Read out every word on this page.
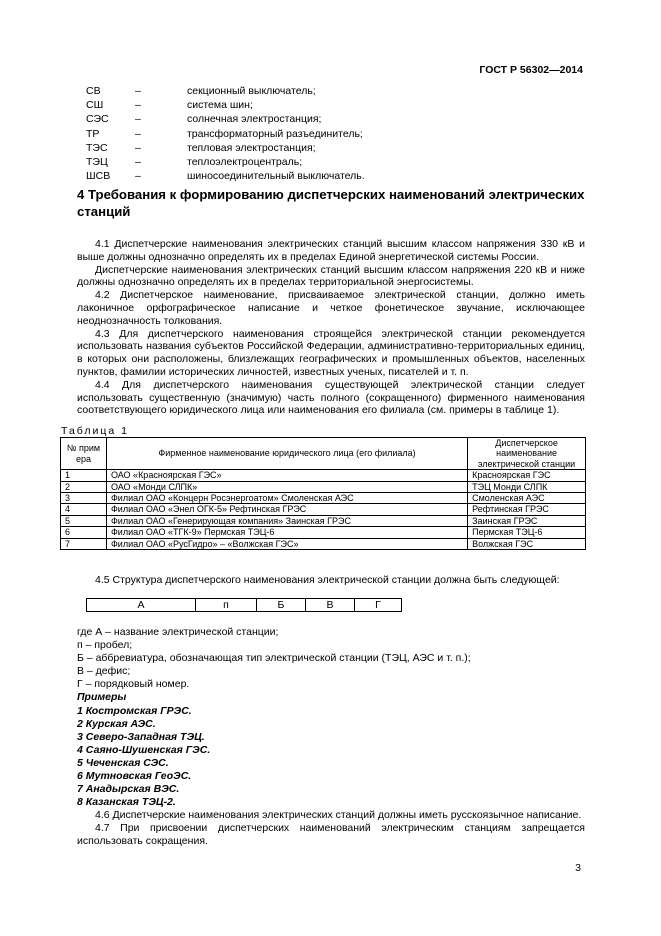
ГОСТ Р 56302—2014
СВ	–	секционный выключатель;
СШ	–	система шин;
СЭС	–	солнечная электростанция;
ТР	–	трансформаторный разъединитель;
ТЭС	–	тепловая электростанция;
ТЭЦ	–	теплоэлектроцентраль;
ШСВ –	шиносоединительный выключатель.
4 Требования к формированию диспетчерских наименований электрических станций

4.1 Диспетчерские наименования электрических станций высшим классом напряжения 330 кВ и выше должны однозначно определять их в пределах Единой энергетической системы России.

Диспетчерские наименования электрических станций высшим классом напряжения 220 кВ и ниже должны однозначно определять их в пределах территориальной энергосистемы.

4.2 Диспетчерское наименование, присваиваемое электрической станции, должно иметь лаконичное орфографическое написание и четкое фонетическое звучание, исключающее неоднозначность толкования.

4.3 Для диспетчерского наименования строящейся электрической станции рекомендуется использовать названия субъектов Российской Федерации, административно-территориальных единиц, в которых они расположены, близлежащих географических и промышленных объектов, населенных пунктов, фамилии исторических личностей, известных ученых, писателей и т. п.

4.4 Для диспетчерского наименования существующей электрической станции следует использовать существенную (значимую) часть полного (сокращенного) фирменного наименования соответствующего юридического лица или наименования его филиала (см. примеры в таблице 1).

Таблица 1
№ прим ера	Фирменное наименование юридического лица (его филиала)	Диспетчерское наименование электрической станции
1	ОАО «Красноярская ГЭС»	Красноярская ГЭС
2	ОАО «Монди СЛПК»	ТЭЦ Монди СЛПК
3	Филиал ОАО «Концерн Росэнергоатом» Смоленская АЭС	Смоленская АЭС
4	Филиал ОАО «Энел ОГК-5» Рефтинская ГРЭС	Рефтинская ГРЭС
5	Филиал ОАО «Генерирующая компания» Заинская ГРЭС	Заинская ГРЭС
6	Филиал ОАО «ТГК-9» Пермская ТЭЦ-6	Пермская ТЭЦ-6
7	Филиал ОАО «РусГидро» – «Волжская ГЭС»	Волжская ГЭС

4.5 Структура диспетчерского наименования электрической станции должна быть следующей:

А	п	Б	В	Г
где А – название электрической станции;
п – пробел;
Б – аббревиатура, обозначающая тип электрической станции (ТЭЦ, АЭС и т. п.);
В – дефис;
Г – порядковый номер.
Примеры
1 Костромская ГРЭС.
2 Курская АЭС.
3 Северо-Западная ТЭЦ.
4 Саяно-Шушенская ГЭС.
5 Чеченская СЭС.
6 Мутновская ГеоЭС.
7 Анадырская ВЭС.
8 Казанская ТЭЦ-2.

4.6 Диспетчерские наименования электрических станций должны иметь русскоязычное написание.

4.7 При присвоении диспетчерских наименований электрическим станциям запрещается использовать сокращения.

3
